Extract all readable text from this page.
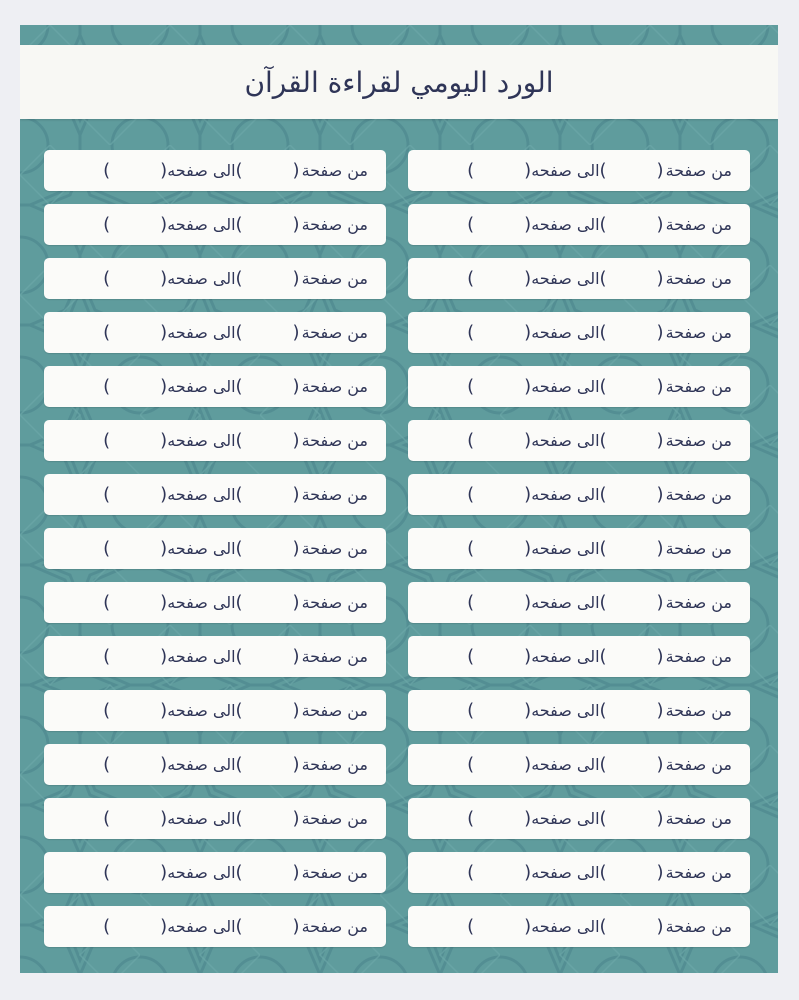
الورد اليومي لقراءة القرآن
من صفحة
)
(
الى صفحه
)
(	من صفحة
)
(
الى صفحه
)
(
من صفحة
)
(
الى صفحه
)
(	من صفحة
)
(
الى صفحه
)
(
من صفحة
)
(
الى صفحه
)
(	من صفحة
)
(
الى صفحه
)
(
من صفحة
)
(
الى صفحه
)
(	من صفحة
)
(
الى صفحه
)
(
من صفحة
)
(
الى صفحه
)
(	من صفحة
)
(
الى صفحه
)
(
من صفحة
)
(
الى صفحه
)
(	من صفحة
)
(
الى صفحه
)
(
من صفحة
)
(
الى صفحه
)
(	من صفحة
)
(
الى صفحه
)
(
من صفحة
)
(
الى صفحه
)
(	من صفحة
)
(
الى صفحه
)
(
من صفحة
)
(
الى صفحه
)
(	من صفحة
)
(
الى صفحه
)
(
من صفحة
)
(
الى صفحه
)
(	من صفحة
)
(
الى صفحه
)
(
من صفحة
)
(
الى صفحه
)
(	من صفحة
)
(
الى صفحه
)
(
من صفحة
)
(
الى صفحه
)
(	من صفحة
)
(
الى صفحه
)
(
من صفحة
)
(
الى صفحه
)
(	من صفحة
)
(
الى صفحه
)
(
من صفحة
)
(
الى صفحه
)
(	من صفحة
)
(
الى صفحه
)
(
من صفحة
)
(
الى صفحه
)
(	من صفحة
)
(
الى صفحه
)
(
